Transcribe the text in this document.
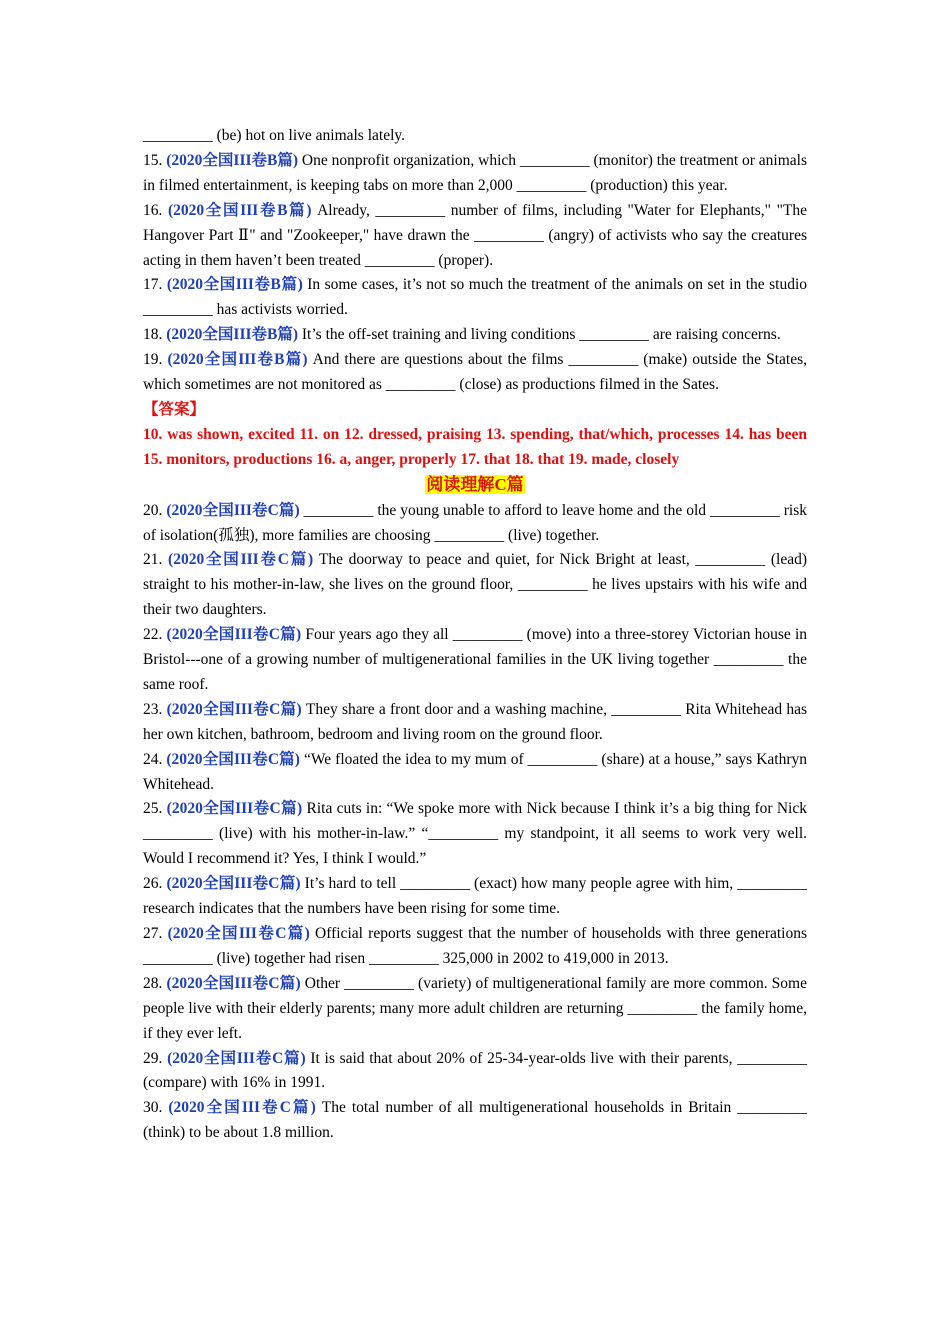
_________ (be) hot on live animals lately.

15. (2020全国III卷B篇) One nonprofit organization, which _________ (monitor) the treatment or animals in filmed entertainment, is keeping tabs on more than 2,000 _________ (production) this year.

16. (2020全国III卷B篇) Already, _________ number of films, including "Water for Elephants," "The Hangover Part Ⅱ" and "Zookeeper," have drawn the _________ (angry) of activists who say the creatures acting in them haven’t been treated _________ (proper).

17. (2020全国III卷B篇) In some cases, it’s not so much the treatment of the animals on set in the studio _________ has activists worried.

18. (2020全国III卷B篇) It’s the off-set training and living conditions _________ are raising concerns.

19. (2020全国III卷B篇) And there are questions about the films _________ (make) outside the States, which sometimes are not monitored as _________ (close) as productions filmed in the Sates.

【答案】

10. was shown, excited 11. on 12. dressed, praising 13. spending, that/which, processes 14. has been 15. monitors, productions 16. a, anger, properly 17. that 18. that 19. made, closely

阅读理解C篇

20. (2020全国III卷C篇) _________ the young unable to afford to leave home and the old _________ risk of isolation(孤独), more families are choosing _________ (live) together.

21. (2020全国III卷C篇) The doorway to peace and quiet, for Nick Bright at least, _________ (lead) straight to his mother-in-law, she lives on the ground floor, _________ he lives upstairs with his wife and their two daughters.

22. (2020全国III卷C篇) Four years ago they all _________ (move) into a three-storey Victorian house in Bristol---one of a growing number of multigenerational families in the UK living together _________ the same roof.

23. (2020全国III卷C篇) They share a front door and a washing machine, _________ Rita Whitehead has her own kitchen, bathroom, bedroom and living room on the ground floor.

24. (2020全国III卷C篇) “We floated the idea to my mum of _________ (share) at a house,” says Kathryn Whitehead.

25. (2020全国III卷C篇) Rita cuts in: “We spoke more with Nick because I think it’s a big thing for Nick _________ (live) with his mother-in-law.” “_________ my standpoint, it all seems to work very well. Would I recommend it? Yes, I think I would.”

26. (2020全国III卷C篇) It’s hard to tell _________ (exact) how many people agree with him, _________ research indicates that the numbers have been rising for some time.

27. (2020全国III卷C篇) Official reports suggest that the number of households with three generations _________ (live) together had risen _________ 325,000 in 2002 to 419,000 in 2013.

28. (2020全国III卷C篇) Other _________ (variety) of multigenerational family are more common. Some people live with their elderly parents; many more adult children are returning _________ the family home, if they ever left.

29. (2020全国III卷C篇) It is said that about 20% of 25-34-year-olds live with their parents, _________ (compare) with 16% in 1991.

30. (2020全国III卷C篇) The total number of all multigenerational households in Britain _________ (think) to be about 1.8 million.
